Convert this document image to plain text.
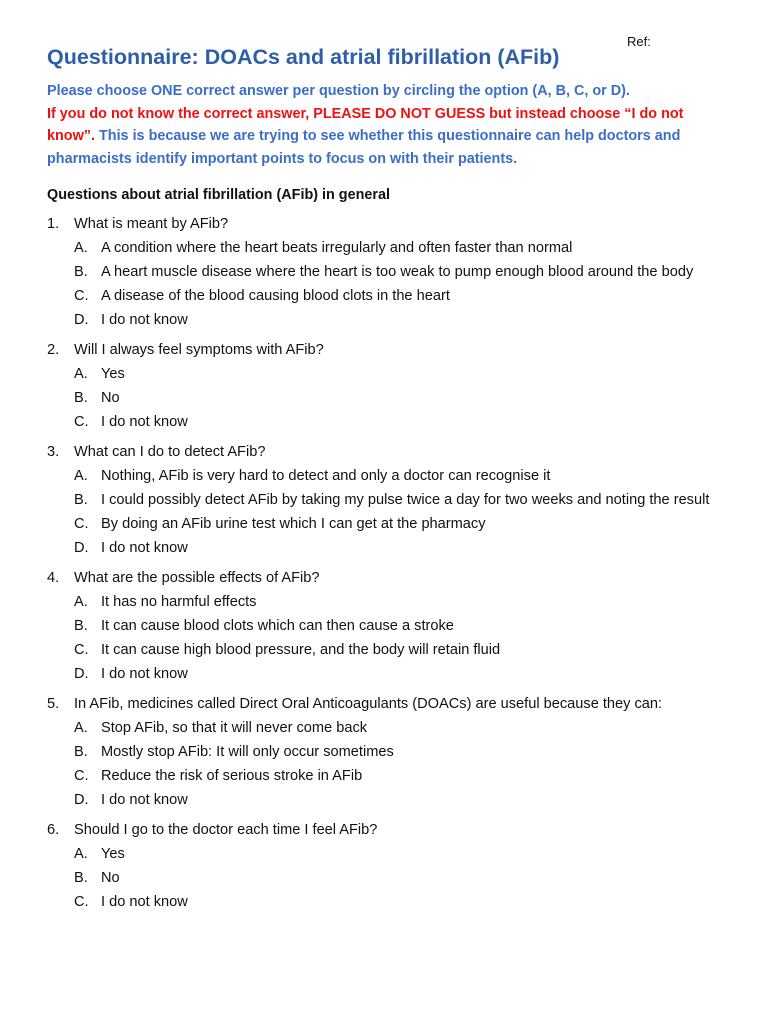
Ref:
Questionnaire: DOACs and atrial fibrillation (AFib)
Please choose ONE correct answer per question by circling the option (A, B, C, or D).
If you do not know the correct answer, PLEASE DO NOT GUESS but instead choose “I do not know”. This is because we are trying to see whether this questionnaire can help doctors and pharmacists identify important points to focus on with their patients.
Questions about atrial fibrillation (AFib) in general
1.	What is meant by AFib?
A. A condition where the heart beats irregularly and often faster than normal
B. A heart muscle disease where the heart is too weak to pump enough blood around the body
C. A disease of the blood causing blood clots in the heart
D. I do not know
2.	Will I always feel symptoms with AFib?
A. Yes
B. No
C. I do not know
3.	What can I do to detect AFib?
A. Nothing, AFib is very hard to detect and only a doctor can recognise it
B. I could possibly detect AFib by taking my pulse twice a day for two weeks and noting the result
C. By doing an AFib urine test which I can get at the pharmacy
D. I do not know
4.	What are the possible effects of AFib?
A. It has no harmful effects
B. It can cause blood clots which can then cause a stroke
C. It can cause high blood pressure, and the body will retain fluid
D. I do not know
5.	In AFib, medicines called Direct Oral Anticoagulants (DOACs) are useful because they can:
A. Stop AFib, so that it will never come back
B. Mostly stop AFib: It will only occur sometimes
C. Reduce the risk of serious stroke in AFib
D. I do not know
6.	Should I go to the doctor each time I feel AFib?
A. Yes
B. No
C. I do not know
